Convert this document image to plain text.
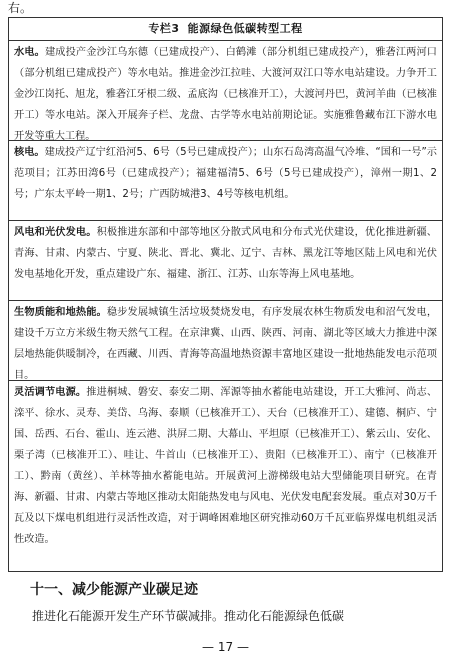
右。
专栏3 能源绿色低碳转型工程
水电。建成投产金沙江乌东德（已建成投产）、白鹤滩（部分机组已建成投产），雅砻江两河口（部分机组已建成投产）等水电站。推进金沙江拉哇、大渡河双江口等水电站建设。力争开工金沙江岗托、旭龙，雅砻江牙根二级、孟底沟（已核准开工），大渡河丹巴，黄河羊曲（已核准开工）等水电站。深入开展奔子栏、龙盘、古学等水电站前期论证。实施雅鲁藏布江下游水电开发等重大工程。
核电。建成投产辽宁红沿河5、6号（5号已建成投产）；山东石岛湾高温气冷堆、“国和一号”示范项目；江苏田湾6号（已建成投产）；福建福清5、6号（5号已建成投产），漳州一期1、2号；广东太平岭一期1、2号；广西防城港3、4号等核电机组。
风电和光伏发电。积极推进东部和中部等地区分散式风电和分布式光伏建设，优化推进新疆、青海、甘肃、内蒙古、宁夏、陕北、晋北、冀北、辽宁、吉林、黑龙江等地区陆上风电和光伏发电基地化开发，重点建设广东、福建、浙江、江苏、山东等海上风电基地。
生物质能和地热能。稳步发展城镇生活垃圾焚烧发电，有序发展农林生物质发电和沼气发电，建设千万立方米级生物天然气工程。在京津冀、山西、陕西、河南、湖北等区域大力推进中深层地热能供暖制冷，在西藏、川西、青海等高温地热资源丰富地区建设一批地热能发电示范项目。
灵活调节电源。推进桐城、磐安、泰安二期、浑源等抽水蓄能电站建设，开工大雅河、尚志、滦平、徐水、灵寿、美岱、乌海、泰顺（已核准开工）、天台（已核准开工）、建德、桐庐、宁国、岳西、石台、霍山、连云港、洪屏二期、大幕山、平坦原（已核准开工）、紫云山、安化、栗子湾（已核准开工）、哇让、牛首山（已核准开工）、贵阳（已核准开工）、南宁（已核准开工）、黔南（黄丝）、羊林等抽水蓄能电站。开展黄河上游梯级电站大型储能项目研究。在青海、新疆、甘肃、内蒙古等地区推动太阳能热发电与风电、光伏发电配套发展。重点对30万千瓦及以下煤电机组进行灵活性改造，对于调峰困难地区研究推动60万千瓦亚临界煤电机组灵活性改造。
十一、减少能源产业碳足迹
推进化石能源开发生产环节碳减排。推动化石能源绿色低碳
— 17 —
